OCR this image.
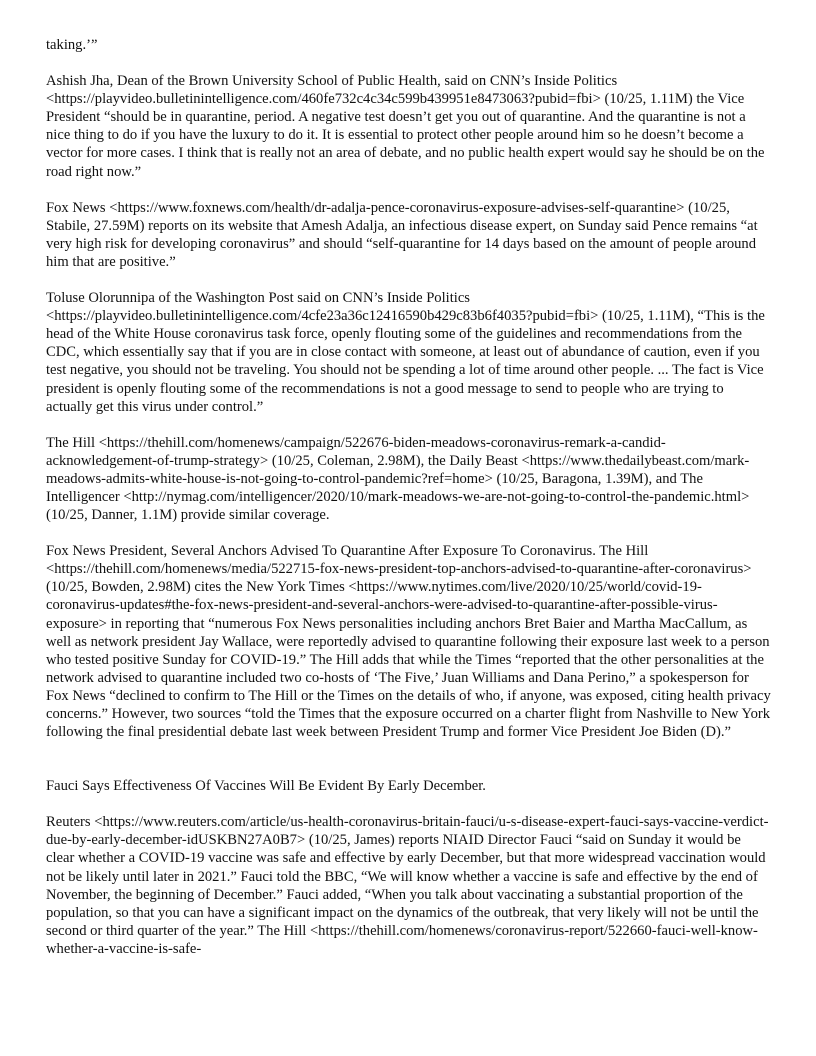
taking.’”

Ashish Jha, Dean of the Brown University School of Public Health, said on CNN’s Inside Politics <https://playvideo.bulletinintelligence.com/460fe732c4c34c599b439951e8473063?pubid=fbi> (10/25, 1.11M) the Vice President “should be in quarantine, period. A negative test doesn’t get you out of quarantine. And the quarantine is not a nice thing to do if you have the luxury to do it. It is essential to protect other people around him so he doesn’t become a vector for more cases. I think that is really not an area of debate, and no public health expert would say he should be on the road right now.”

Fox News <https://www.foxnews.com/health/dr-adalja-pence-coronavirus-exposure-advises-self-quarantine> (10/25, Stabile, 27.59M) reports on its website that Amesh Adalja, an infectious disease expert, on Sunday said Pence remains “at very high risk for developing coronavirus” and should “self-quarantine for 14 days based on the amount of people around him that are positive.”

Toluse Olorunnipa of the Washington Post said on CNN’s Inside Politics <https://playvideo.bulletinintelligence.com/4cfe23a36c12416590b429c83b6f4035?pubid=fbi> (10/25, 1.11M), “This is the head of the White House coronavirus task force, openly flouting some of the guidelines and recommendations from the CDC, which essentially say that if you are in close contact with someone, at least out of abundance of caution, even if you test negative, you should not be traveling. You should not be spending a lot of time around other people. ... The fact is Vice president is openly flouting some of the recommendations is not a good message to send to people who are trying to actually get this virus under control.”

The Hill <https://thehill.com/homenews/campaign/522676-biden-meadows-coronavirus-remark-a-candid-acknowledgement-of-trump-strategy> (10/25, Coleman, 2.98M), the Daily Beast <https://www.thedailybeast.com/mark-meadows-admits-white-house-is-not-going-to-control-pandemic?ref=home> (10/25, Baragona, 1.39M), and The Intelligencer <http://nymag.com/intelligencer/2020/10/mark-meadows-we-are-not-going-to-control-the-pandemic.html> (10/25, Danner, 1.1M) provide similar coverage.

Fox News President, Several Anchors Advised To Quarantine After Exposure To Coronavirus. The Hill <https://thehill.com/homenews/media/522715-fox-news-president-top-anchors-advised-to-quarantine-after-coronavirus> (10/25, Bowden, 2.98M) cites the New York Times <https://www.nytimes.com/live/2020/10/25/world/covid-19-coronavirus-updates#the-fox-news-president-and-several-anchors-were-advised-to-quarantine-after-possible-virus-exposure> in reporting that “numerous Fox News personalities including anchors Bret Baier and Martha MacCallum, as well as network president Jay Wallace, were reportedly advised to quarantine following their exposure last week to a person who tested positive Sunday for COVID-19.” The Hill adds that while the Times “reported that the other personalities at the network advised to quarantine included two co-hosts of ‘The Five,’ Juan Williams and Dana Perino,” a spokesperson for Fox News “declined to confirm to The Hill or the Times on the details of who, if anyone, was exposed, citing health privacy concerns.” However, two sources “told the Times that the exposure occurred on a charter flight from Nashville to New York following the final presidential debate last week between President Trump and former Vice President Joe Biden (D).”

Fauci Says Effectiveness Of Vaccines Will Be Evident By Early December.

Reuters <https://www.reuters.com/article/us-health-coronavirus-britain-fauci/u-s-disease-expert-fauci-says-vaccine-verdict-due-by-early-december-idUSKBN27A0B7> (10/25, James) reports NIAID Director Fauci “said on Sunday it would be clear whether a COVID-19 vaccine was safe and effective by early December, but that more widespread vaccination would not be likely until later in 2021.” Fauci told the BBC, “We will know whether a vaccine is safe and effective by the end of November, the beginning of December.” Fauci added, “When you talk about vaccinating a substantial proportion of the population, so that you can have a significant impact on the dynamics of the outbreak, that very likely will not be until the second or third quarter of the year.” The Hill <https://thehill.com/homenews/coronavirus-report/522660-fauci-well-know-whether-a-vaccine-is-safe-
